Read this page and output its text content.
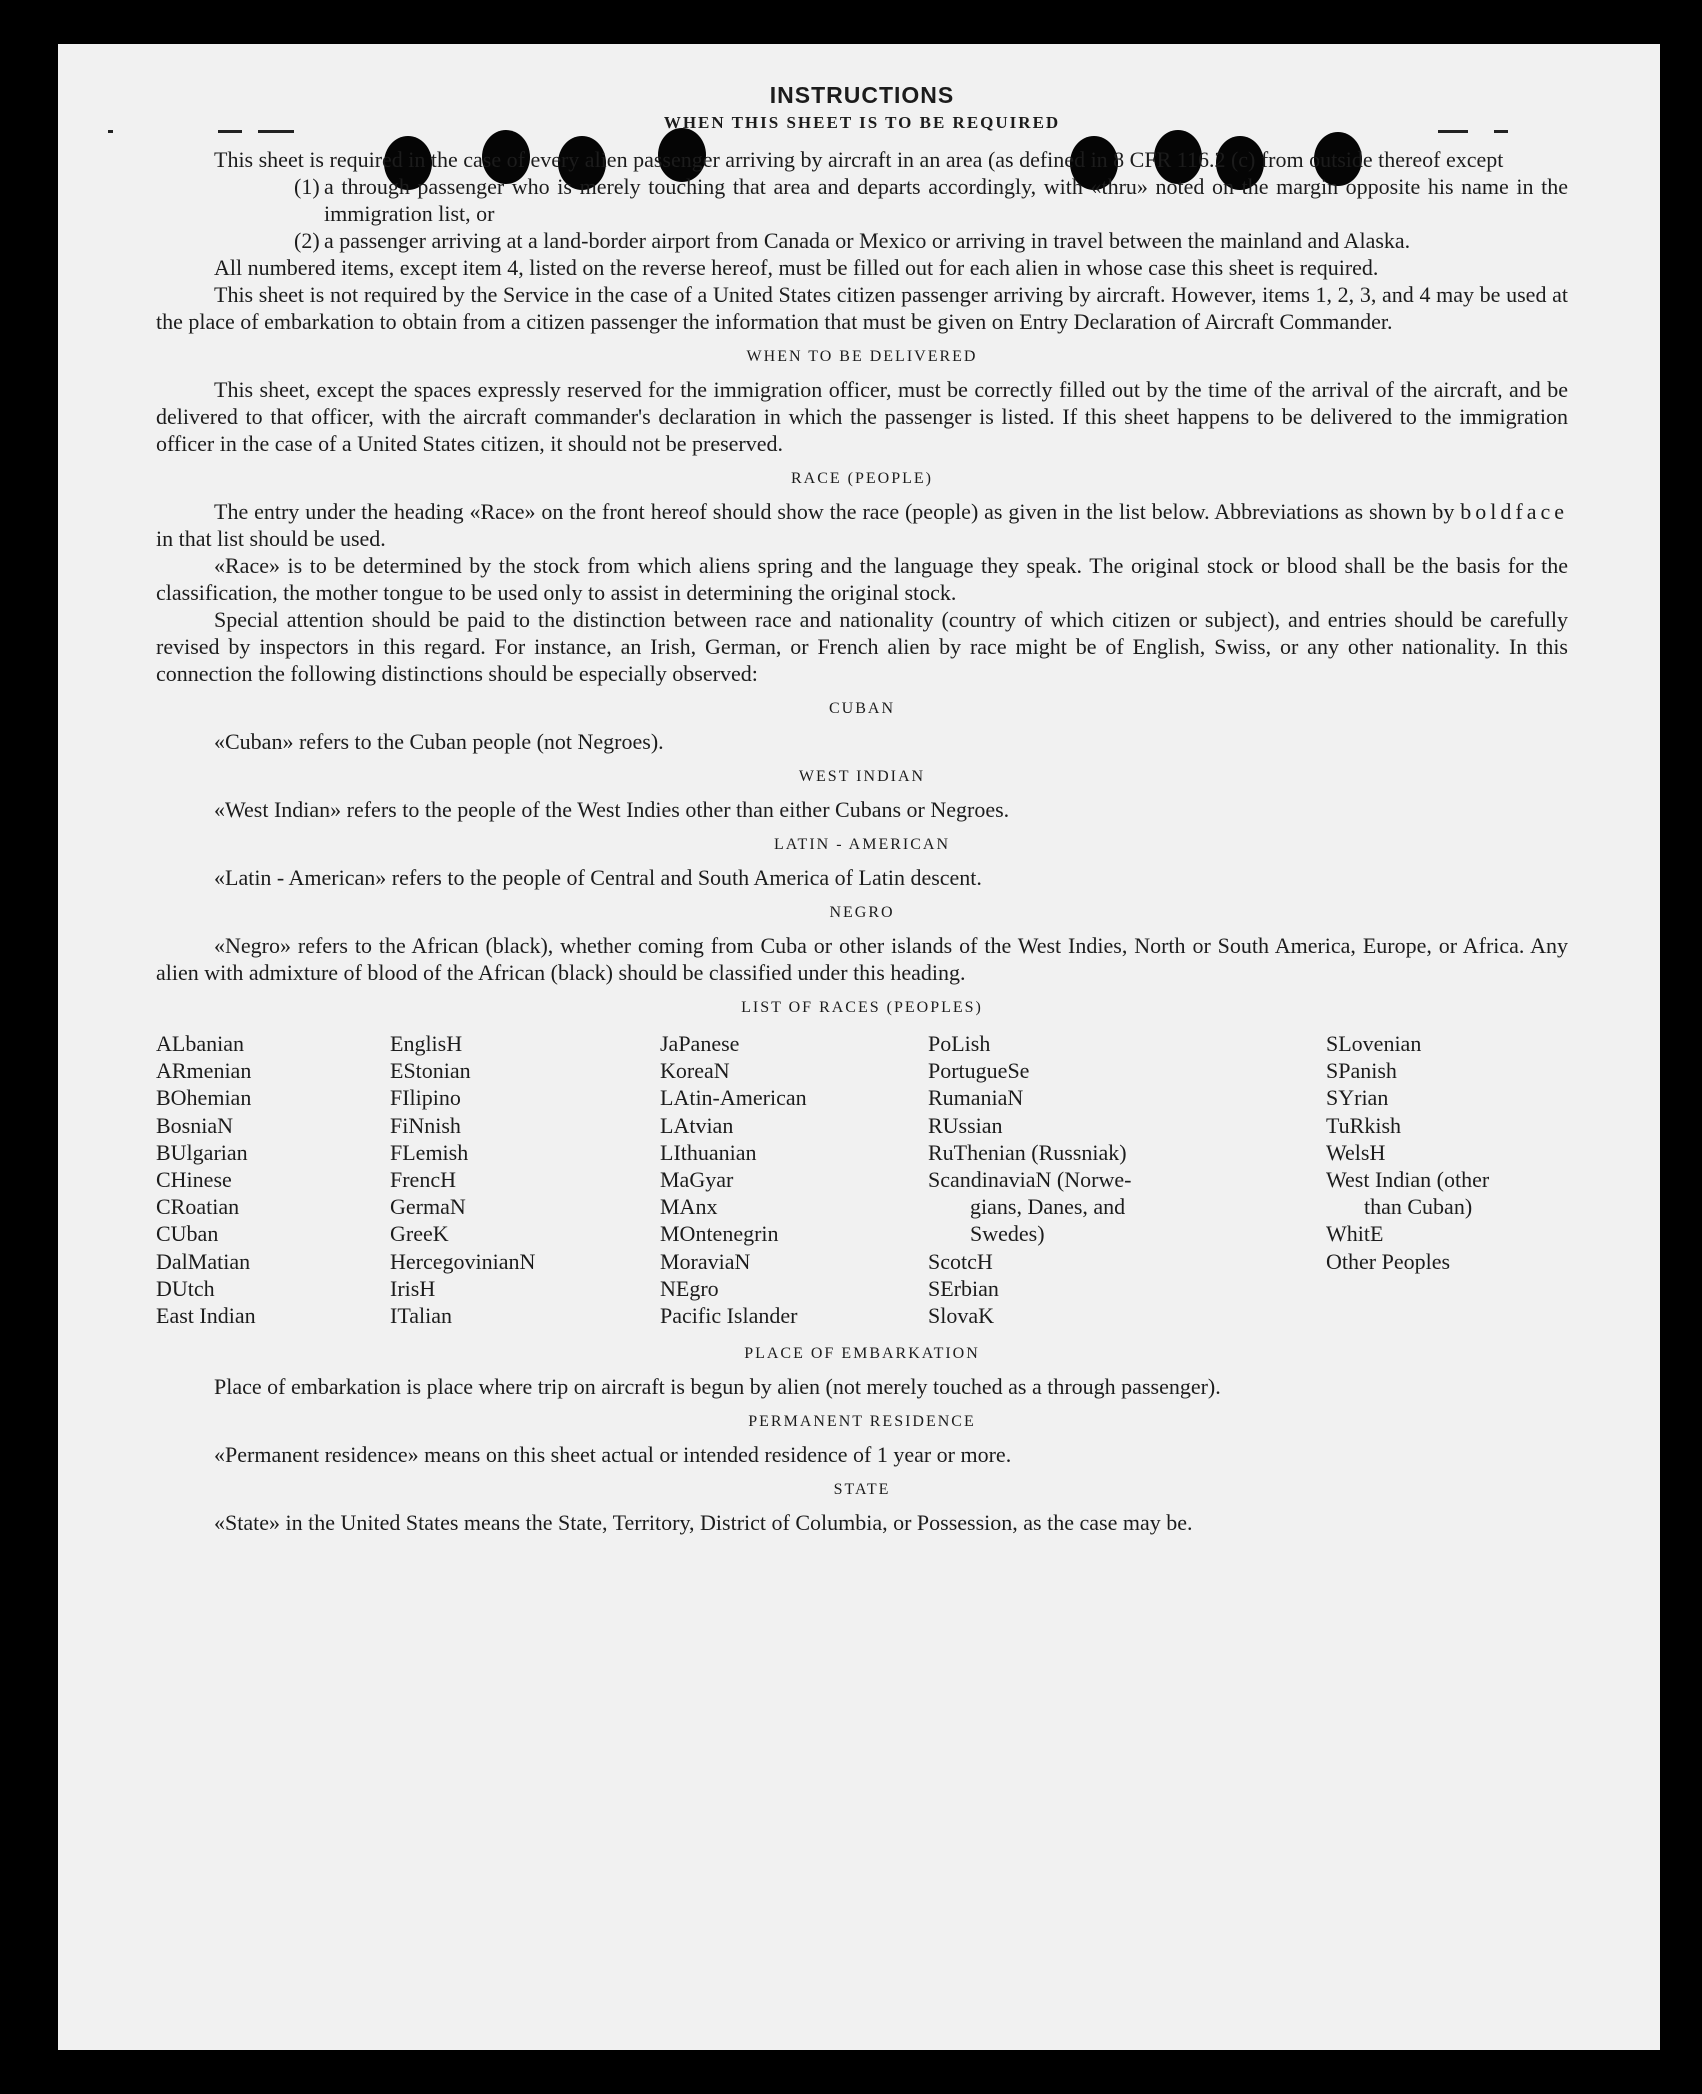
INSTRUCTIONS
WHEN THIS SHEET IS TO BE REQUIRED

This sheet is required in the case of every alien passenger arriving by aircraft in an area (as defined in 8 CFR 116.2 (c) from outside thereof except

(1) a through passenger who is merely touching that area and departs accordingly, with «thru» noted on the margin opposite his name in the immigration list, or
(2) a passenger arriving at a land-border airport from Canada or Mexico or arriving in travel between the mainland and Alaska.

All numbered items, except item 4, listed on the reverse hereof, must be filled out for each alien in whose case this sheet is required.

This sheet is not required by the Service in the case of a United States citizen passenger arriving by aircraft. However, items 1, 2, 3, and 4 may be used at the place of embarkation to obtain from a citizen passenger the information that must be given on Entry Declaration of Aircraft Commander.

WHEN TO BE DELIVERED

This sheet, except the spaces expressly reserved for the immigration officer, must be correctly filled out by the time of the arrival of the aircraft, and be delivered to that officer, with the aircraft commander's declaration in which the passenger is listed. If this sheet happens to be delivered to the immigration officer in the case of a United States citizen, it should not be preserved.

RACE (PEOPLE)

The entry under the heading «Race» on the front hereof should show the race (people) as given in the list below. Abbreviations as shown by boldface in that list should be used.

«Race» is to be determined by the stock from which aliens spring and the language they speak. The original stock or blood shall be the basis for the classification, the mother tongue to be used only to assist in determining the original stock.

Special attention should be paid to the distinction between race and nationality (country of which citizen or subject), and entries should be carefully revised by inspectors in this regard. For instance, an Irish, German, or French alien by race might be of English, Swiss, or any other nationality. In this connection the following distinctions should be especially observed:

CUBAN

«Cuban» refers to the Cuban people (not Negroes).

WEST INDIAN

«West Indian» refers to the people of the West Indies other than either Cubans or Negroes.

LATIN - AMERICAN

«Latin - American» refers to the people of Central and South America of Latin descent.

NEGRO

«Negro» refers to the African (black), whether coming from Cuba or other islands of the West Indies, North or South America, Europe, or Africa. Any alien with admixture of blood of the African (black) should be classified under this heading.

LIST OF RACES (PEOPLES)
ALbanian
ARmenian
BOhemian
BosniaN
BUlgarian
CHinese
CRoatian
CUban
DalMatian
DUtch
East Indian
EnglisH
EStonian
FIlipino
FiNnish
FLemish
FrencH
GermaN
GreeK
HercegovinianN
IrisH
ITalian
JaPanese
KoreaN
LAtin-American
LAtvian
LIthuanian
MaGyar
MAnx
MOntenegrin
MoraviaN
NEgro
Pacific Islander
PoLish
PortugueSe
RumaniaN
RUssian
RuThenian (Russniak)
ScandinaviaN (Norwe-
gians, Danes, and
Swedes)
ScotcH
SErbian
SlovaK
SLovenian
SPanish
SYrian
TuRkish
WelsH
West Indian (other
than Cuban)
WhitE
Other Peoples
PLACE OF EMBARKATION

Place of embarkation is place where trip on aircraft is begun by alien (not merely touched as a through passenger).

PERMANENT RESIDENCE

«Permanent residence» means on this sheet actual or intended residence of 1 year or more.

STATE

«State» in the United States means the State, Territory, District of Columbia, or Possession, as the case may be.
